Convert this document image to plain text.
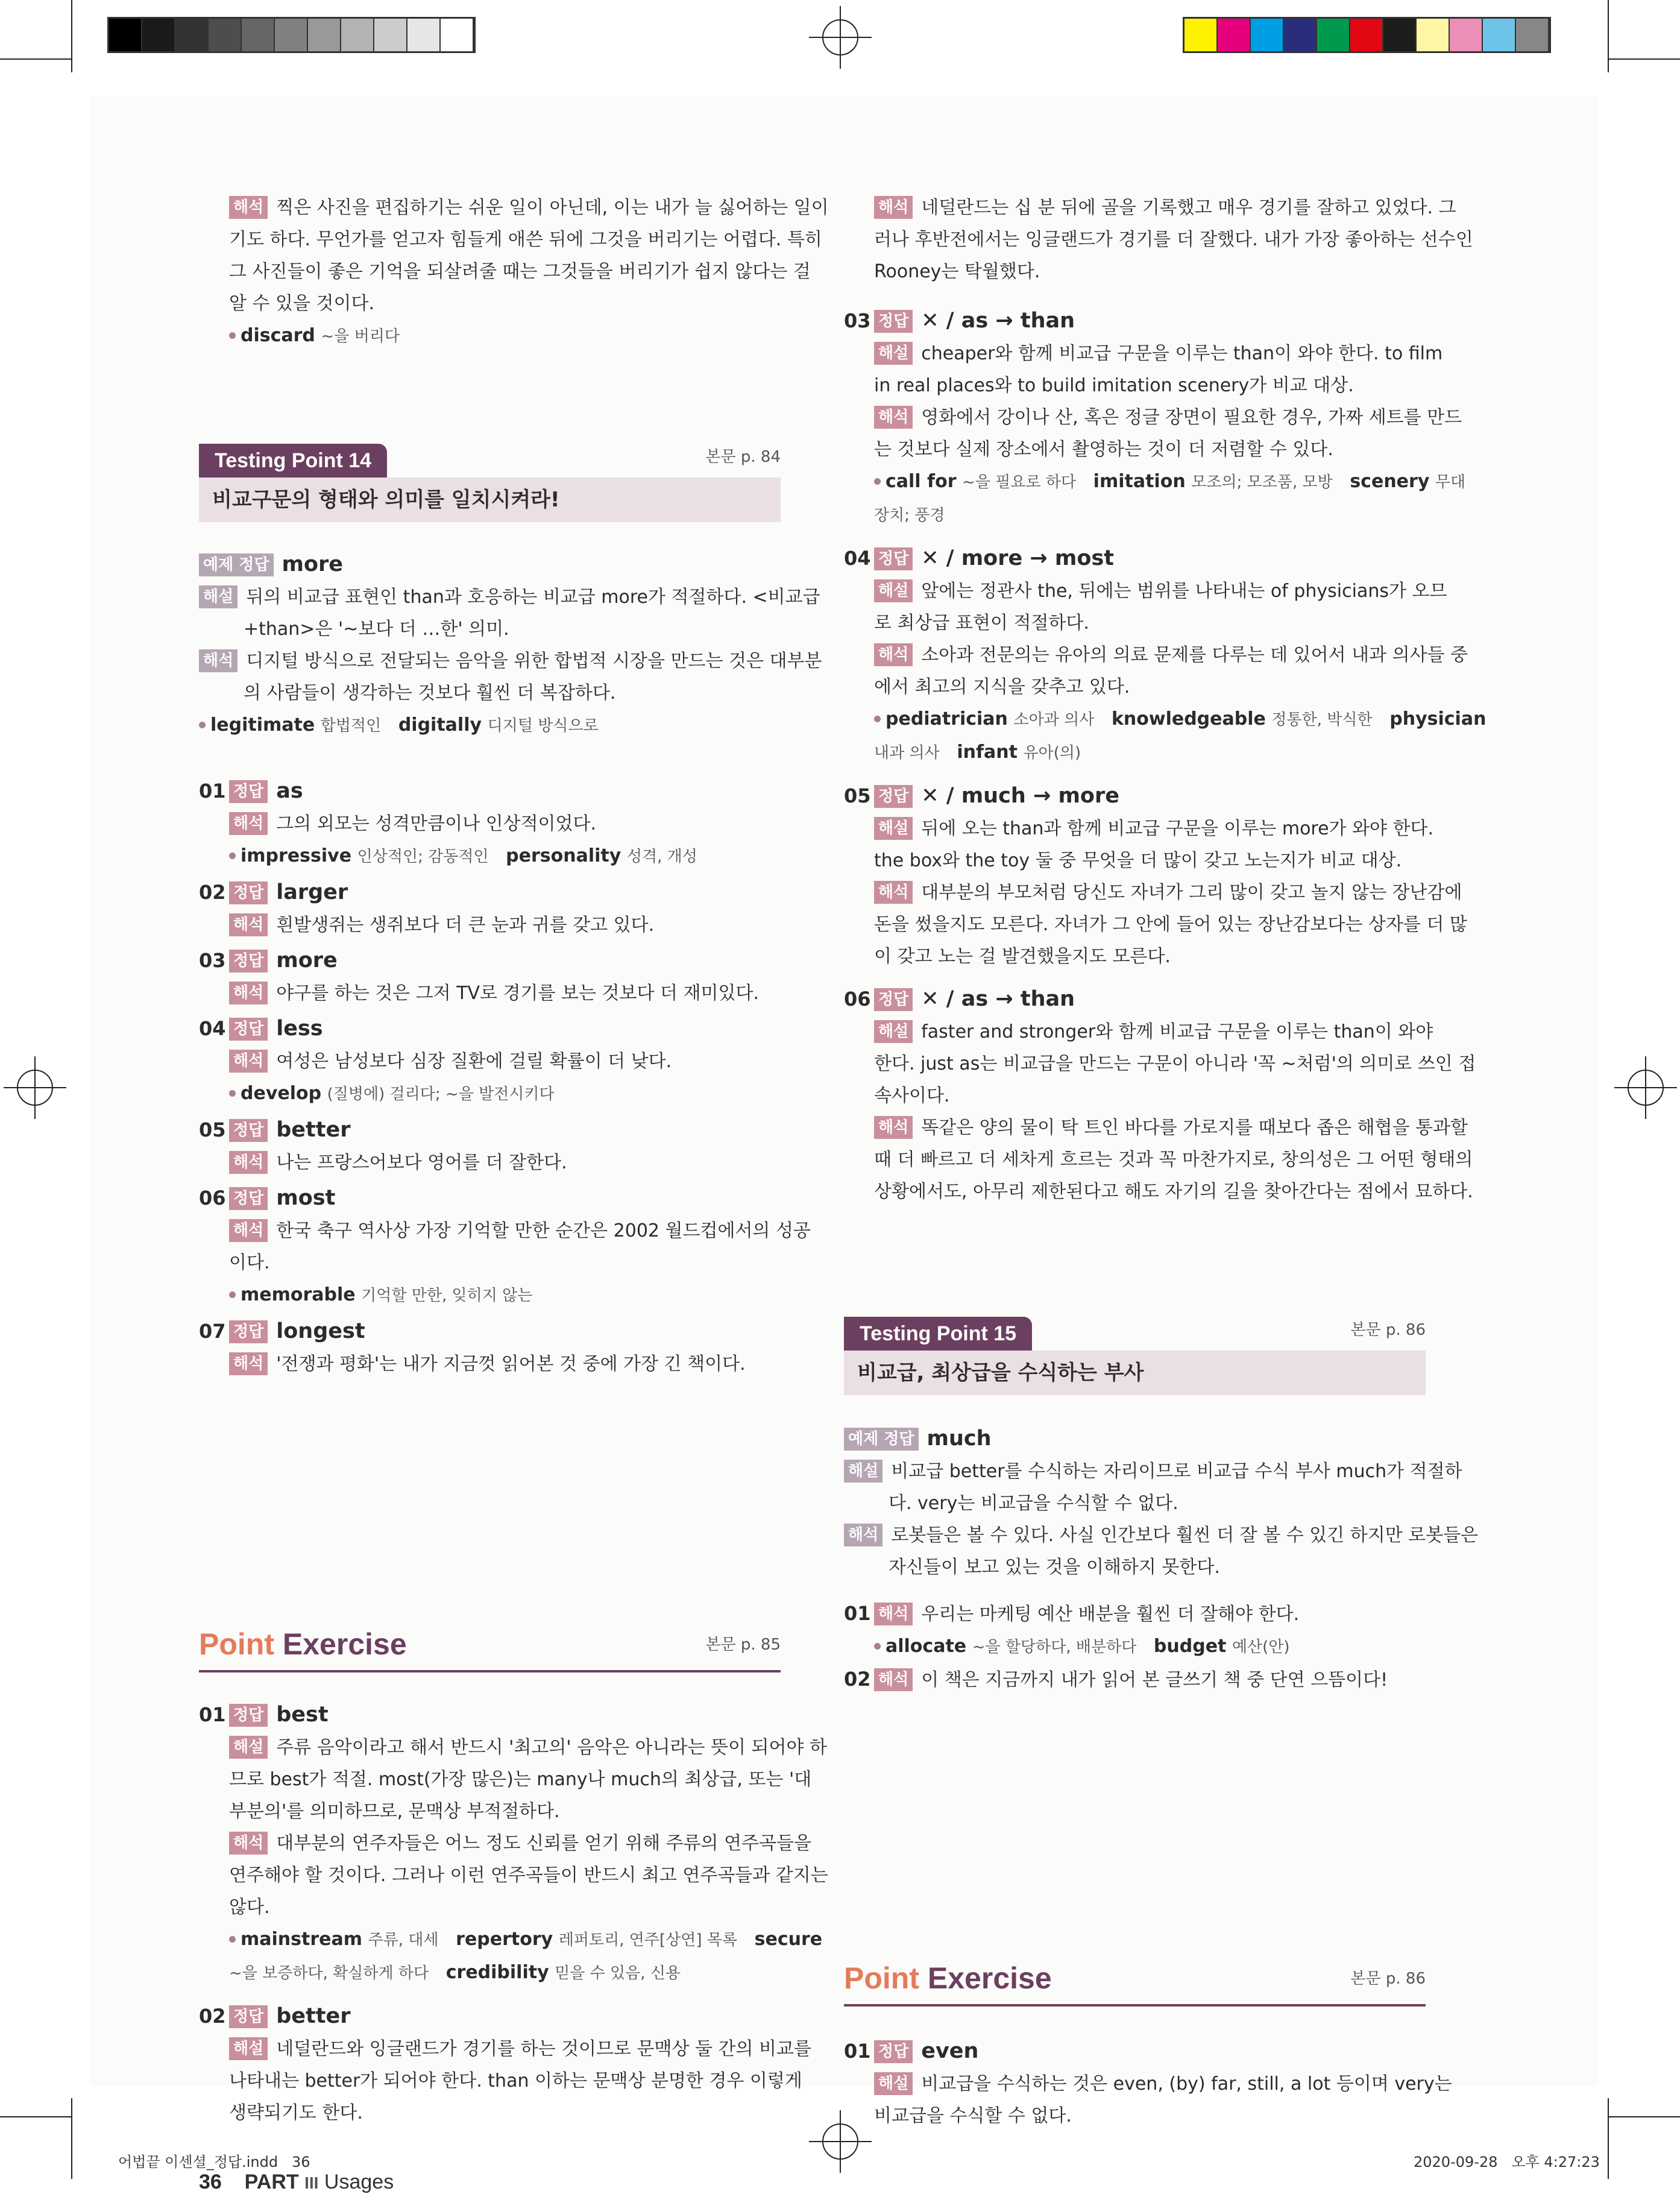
해석 찍은 사진을 편집하기는 쉬운 일이 아닌데, 이는 내가 늘 싫어하는 일이
기도 하다. 무언가를 얻고자 힘들게 애쓴 뒤에 그것을 버리기는 어렵다. 특히
그 사진들이 좋은 기억을 되살려줄 때는 그것들을 버리기가 쉽지 않다는 걸
알 수 있을 것이다.
discard ~을 버리다
Testing Point 14	본문 p. 84
비교구문의 형태와 의미를 일치시켜라!
예제 정답 more
해설 뒤의 비교급 표현인 than과 호응하는 비교급 more가 적절하다. <비교급
+than>은 '~보다 더 …한' 의미.
해석 디지털 방식으로 전달되는 음악을 위한 합법적 시장을 만드는 것은 대부분
의 사람들이 생각하는 것보다 훨씬 더 복잡하다.
legitimate 합법적인 digitally 디지털 방식으로
01 정답 as
해석 그의 외모는 성격만큼이나 인상적이었다.
impressive 인상적인; 감동적인 personality 성격, 개성
02 정답 larger
해석 흰발생쥐는 생쥐보다 더 큰 눈과 귀를 갖고 있다.
03 정답 more
해석 야구를 하는 것은 그저 TV로 경기를 보는 것보다 더 재미있다.
04 정답 less
해석 여성은 남성보다 심장 질환에 걸릴 확률이 더 낮다.
develop (질병에) 걸리다; ~을 발전시키다
05 정답 better
해석 나는 프랑스어보다 영어를 더 잘한다.
06 정답 most
해석 한국 축구 역사상 가장 기억할 만한 순간은 2002 월드컵에서의 성공
이다.
memorable 기억할 만한, 잊히지 않는
07 정답 longest
해석 '전쟁과 평화'는 내가 지금껏 읽어본 것 중에 가장 긴 책이다.
Point Exercise	본문 p. 85
01 정답 best
해설 주류 음악이라고 해서 반드시 '최고의' 음악은 아니라는 뜻이 되어야 하
므로 best가 적절. most(가장 많은)는 many나 much의 최상급, 또는 '대
부분의'를 의미하므로, 문맥상 부적절하다.
해석 대부분의 연주자들은 어느 정도 신뢰를 얻기 위해 주류의 연주곡들을
연주해야 할 것이다. 그러나 이런 연주곡들이 반드시 최고 연주곡들과 같지는
않다.
mainstream 주류, 대세 repertory 레퍼토리, 연주[상연] 목록 secure
~을 보증하다, 확실하게 하다 credibility 믿을 수 있음, 신용
02 정답 better
해설 네덜란드와 잉글랜드가 경기를 하는 것이므로 문맥상 둘 간의 비교를
나타내는 better가 되어야 한다. than 이하는 문맥상 분명한 경우 이렇게
생략되기도 한다.
36 PART III Usages
해석 네덜란드는 십 분 뒤에 골을 기록했고 매우 경기를 잘하고 있었다. 그
러나 후반전에서는 잉글랜드가 경기를 더 잘했다. 내가 가장 좋아하는 선수인
Rooney는 탁월했다.
03 정답 ✕ / as → than
해설 cheaper와 함께 비교급 구문을 이루는 than이 와야 한다. to film
in real places와 to build imitation scenery가 비교 대상.
해석 영화에서 강이나 산, 혹은 정글 장면이 필요한 경우, 가짜 세트를 만드
는 것보다 실제 장소에서 촬영하는 것이 더 저렴할 수 있다.
call for ~을 필요로 하다 imitation 모조의; 모조품, 모방 scenery 무대
장치; 풍경
04 정답 ✕ / more → most
해설 앞에는 정관사 the, 뒤에는 범위를 나타내는 of physicians가 오므
로 최상급 표현이 적절하다.
해석 소아과 전문의는 유아의 의료 문제를 다루는 데 있어서 내과 의사들 중
에서 최고의 지식을 갖추고 있다.
pediatrician 소아과 의사 knowledgeable 정통한, 박식한 physician
내과 의사 infant 유아(의)
05 정답 ✕ / much → more
해설 뒤에 오는 than과 함께 비교급 구문을 이루는 more가 와야 한다.
the box와 the toy 둘 중 무엇을 더 많이 갖고 노는지가 비교 대상.
해석 대부분의 부모처럼 당신도 자녀가 그리 많이 갖고 놀지 않는 장난감에
돈을 썼을지도 모른다. 자녀가 그 안에 들어 있는 장난감보다는 상자를 더 많
이 갖고 노는 걸 발견했을지도 모른다.
06 정답 ✕ / as → than
해설 faster and stronger와 함께 비교급 구문을 이루는 than이 와야
한다. just as는 비교급을 만드는 구문이 아니라 '꼭 ~처럼'의 의미로 쓰인 접
속사이다.
해석 똑같은 양의 물이 탁 트인 바다를 가로지를 때보다 좁은 해협을 통과할
때 더 빠르고 더 세차게 흐르는 것과 꼭 마찬가지로, 창의성은 그 어떤 형태의
상황에서도, 아무리 제한된다고 해도 자기의 길을 찾아간다는 점에서 묘하다.
Testing Point 15	본문 p. 86
비교급, 최상급을 수식하는 부사
예제 정답 much
해설 비교급 better를 수식하는 자리이므로 비교급 수식 부사 much가 적절하
다. very는 비교급을 수식할 수 없다.
해석 로봇들은 볼 수 있다. 사실 인간보다 훨씬 더 잘 볼 수 있긴 하지만 로봇들은
자신들이 보고 있는 것을 이해하지 못한다.
01 해석 우리는 마케팅 예산 배분을 훨씬 더 잘해야 한다.
allocate ~을 할당하다, 배분하다 budget 예산(안)
02 해석 이 책은 지금까지 내가 읽어 본 글쓰기 책 중 단연 으뜸이다!
Point Exercise	본문 p. 86
01 정답 even
해설 비교급을 수식하는 것은 even, (by) far, still, a lot 등이며 very는
비교급을 수식할 수 없다.
어법끝 이센셜_정답.indd   36	2020-09-28   오후 4:27:23
